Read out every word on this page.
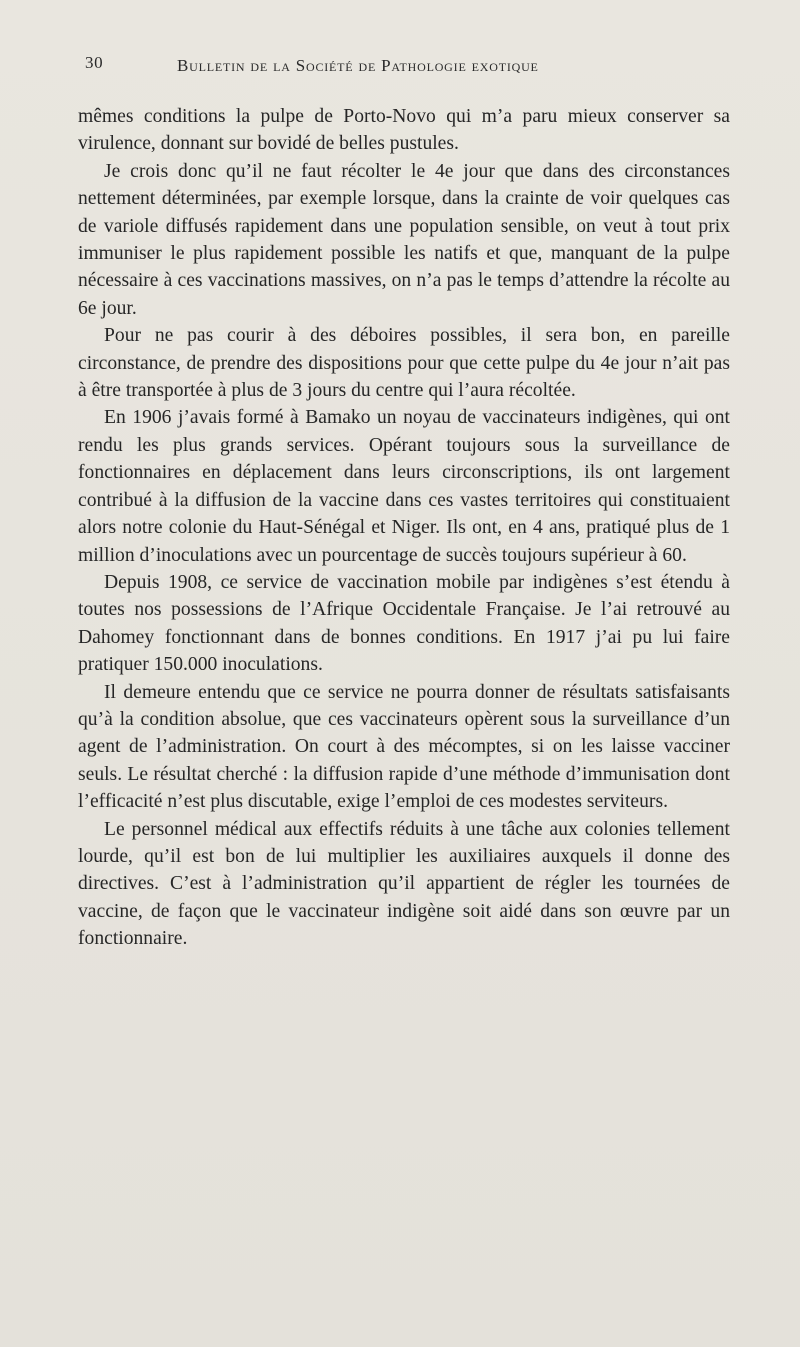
30	Bulletin de la Société de Pathologie exotique

mêmes conditions la pulpe de Porto-Novo qui m’a paru mieux conserver sa virulence, donnant sur bovidé de belles pustules.

Je crois donc qu’il ne faut récolter le 4e jour que dans des circonstances nettement déterminées, par exemple lorsque, dans la crainte de voir quelques cas de variole diffusés rapidement dans une population sensible, on veut à tout prix immuniser le plus rapidement possible les natifs et que, manquant de la pulpe nécessaire à ces vaccinations massives, on n’a pas le temps d’attendre la récolte au 6e jour.

Pour ne pas courir à des déboires possibles, il sera bon, en pareille circonstance, de prendre des dispositions pour que cette pulpe du 4e jour n’ait pas à être transportée à plus de 3 jours du centre qui l’aura récoltée.

En 1906 j’avais formé à Bamako un noyau de vaccinateurs indigènes, qui ont rendu les plus grands services. Opérant toujours sous la surveillance de fonctionnaires en déplacement dans leurs circonscriptions, ils ont largement contribué à la diffusion de la vaccine dans ces vastes territoires qui constituaient alors notre colonie du Haut-Sénégal et Niger. Ils ont, en 4 ans, pratiqué plus de 1 million d’inoculations avec un pourcentage de succès toujours supérieur à 60.

Depuis 1908, ce service de vaccination mobile par indigènes s’est étendu à toutes nos possessions de l’Afrique Occidentale Française. Je l’ai retrouvé au Dahomey fonctionnant dans de bonnes conditions. En 1917 j’ai pu lui faire pratiquer 150.000 inoculations.

Il demeure entendu que ce service ne pourra donner de résultats satisfaisants qu’à la condition absolue, que ces vaccinateurs opèrent sous la surveillance d’un agent de l’administration. On court à des mécomptes, si on les laisse vacciner seuls. Le résultat cherché : la diffusion rapide d’une méthode d’immunisation dont l’efficacité n’est plus discutable, exige l’emploi de ces modestes serviteurs.

Le personnel médical aux effectifs réduits à une tâche aux colonies tellement lourde, qu’il est bon de lui multiplier les auxiliaires auxquels il donne des directives. C’est à l’administration qu’il appartient de régler les tournées de vaccine, de façon que le vaccinateur indigène soit aidé dans son œuvre par un fonctionnaire.
